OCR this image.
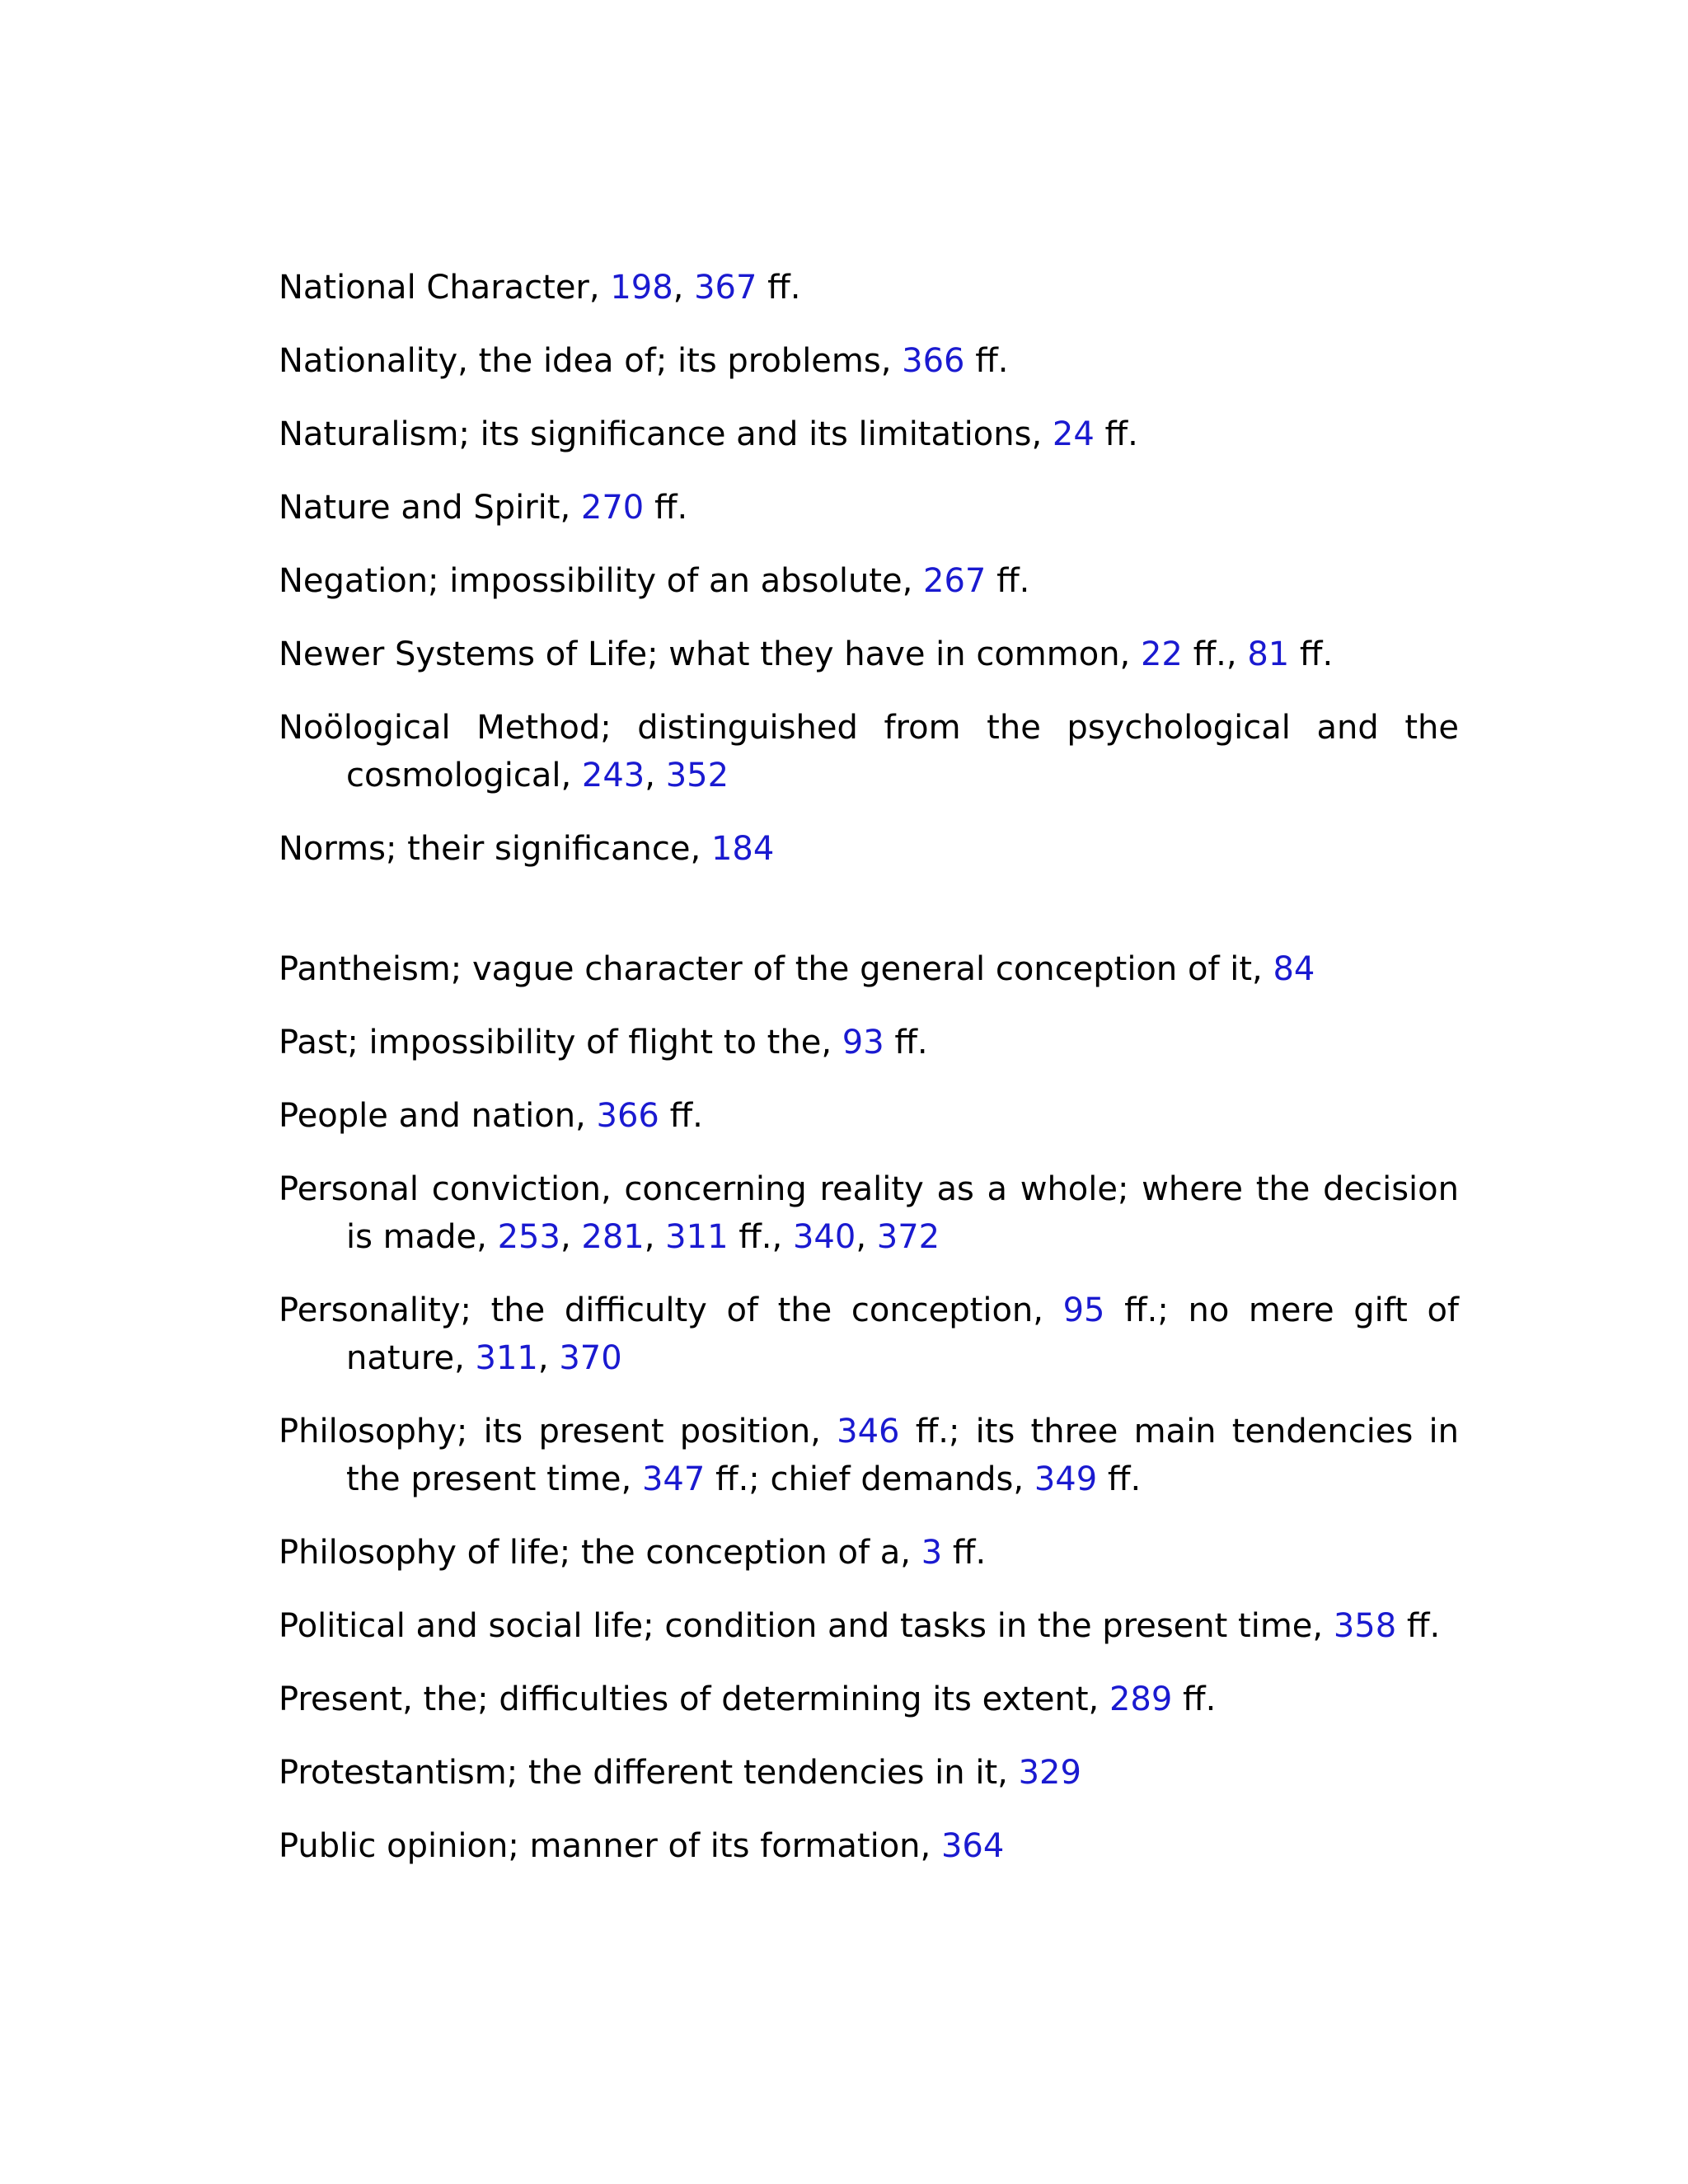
National Character, 198, 367 ff.

Nationality, the idea of; its problems, 366 ff.

Naturalism; its significance and its limitations, 24 ff.

Nature and Spirit, 270 ff.

Negation; impossibility of an absolute, 267 ff.

Newer Systems of Life; what they have in common, 22 ff., 81 ff.

Noölogical Method; distinguished from the psychological and the cosmological, 243, 352

Norms; their significance, 184

Pantheism; vague character of the general conception of it, 84

Past; impossibility of flight to the, 93 ff.

People and nation, 366 ff.

Personal conviction, concerning reality as a whole; where the decision is made, 253, 281, 311 ff., 340, 372

Personality; the difficulty of the conception, 95 ff.; no mere gift of nature, 311, 370

Philosophy; its present position, 346 ff.; its three main tendencies in the present time, 347 ff.; chief demands, 349 ff.

Philosophy of life; the conception of a, 3 ff.

Political and social life; condition and tasks in the present time, 358 ff.

Present, the; difficulties of determining its extent, 289 ff.

Protestantism; the different tendencies in it, 329

Public opinion; manner of its formation, 364
